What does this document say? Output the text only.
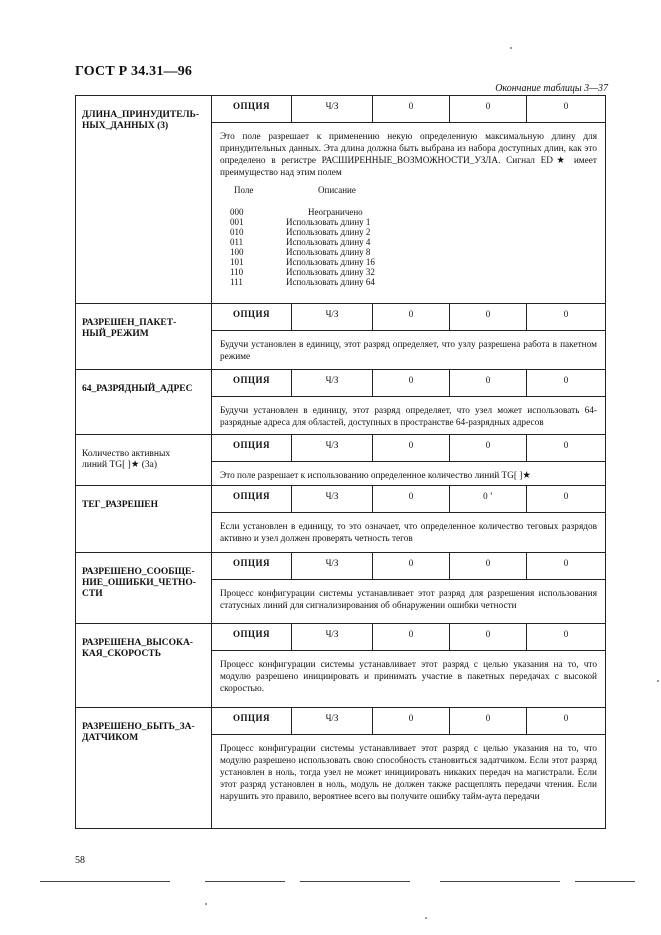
ГОСТ Р 34.31—96
Окончание таблицы 3—37
ДЛИНА_ПРИНУДИТЕЛЬ-
НЫХ_ДАННЫХ (3)
ОПЦИЯ	Ч/З	0	0	0
Это поле разрешает к применению некую определенную максимальную длину для принудительных данных. Эта длина должна быть выбрана из набора доступных длин, как это определено в регистре РАСШИРЕННЫЕ_ВОЗМОЖНОСТИ_УЗЛА. Сигнал ED★ имеет преимущество над этим полем
Поле	Описание
000	Неограничено
001	Использовать длину 1
010	Использовать длину 2
011	Использовать длину 4
100	Использовать длину 8
101	Использовать длину 16
110	Использовать длину 32
111	Использовать длину 64
РАЗРЕШЕН_ПАКЕТ-
НЫЙ_РЕЖИМ
ОПЦИЯ	Ч/З	0	0	0
Будучи установлен в единицу, этот разряд определяет, что узлу разрешена работа в пакетном режиме
64_РАЗРЯДНЫЙ_АДРЕС
ОПЦИЯ	Ч/З	0	0	0
Будучи установлен в единицу, этот разряд определяет, что узел может использовать 64-разрядные адреса для областей, доступных в пространстве 64-разрядных адресов
Количество активных
линий TG[ ]★ (3а)
ОПЦИЯ	Ч/З	0	0	0
Это поле разрешает к использованию определенное количество линий TG[ ]★
ТЕГ_РАЗРЕШЕН
ОПЦИЯ	Ч/З	0	0 ʼ	0
Если установлен в единицу, то это означает, что определенное количество теговых разрядов активно и узел должен проверять четность тегов
РАЗРЕШЕНО_СООБЩЕ-
НИЕ_ОШИБКИ_ЧЕТНО-
СТИ
ОПЦИЯ	Ч/З	0	0	0
Процесс конфигурации системы устанавливает этот разряд для разрешения использования статусных линий для сигнализирования об обнаружении ошибки четности
РАЗРЕШЕНА_ВЫСОКА-
КАЯ_СКОРОСТЬ
ОПЦИЯ	Ч/З	0	0	0
Процесс конфигурации системы устанавливает этот разряд с целью указания на то, что модулю разрешено инициировать и принимать участие в пакетных передачах с высокой скоростью.
РАЗРЕШЕНО_БЫТЬ_ЗА-
ДАТЧИКОМ
ОПЦИЯ	Ч/З	0	0	0
Процесс конфигурации системы устанавливает этот разряд с целью указания на то, что модулю разрешено использовать свою способность становиться задатчиком. Если этот разряд установлен в ноль, тогда узел не может инициировать никаких передач на магистрали. Если этот разряд установлен в ноль, модуль не должен также расщеплять передачи чтения. Если нарушить это правило, вероятнее всего вы получите ошибку тайм-аута передачи
58
